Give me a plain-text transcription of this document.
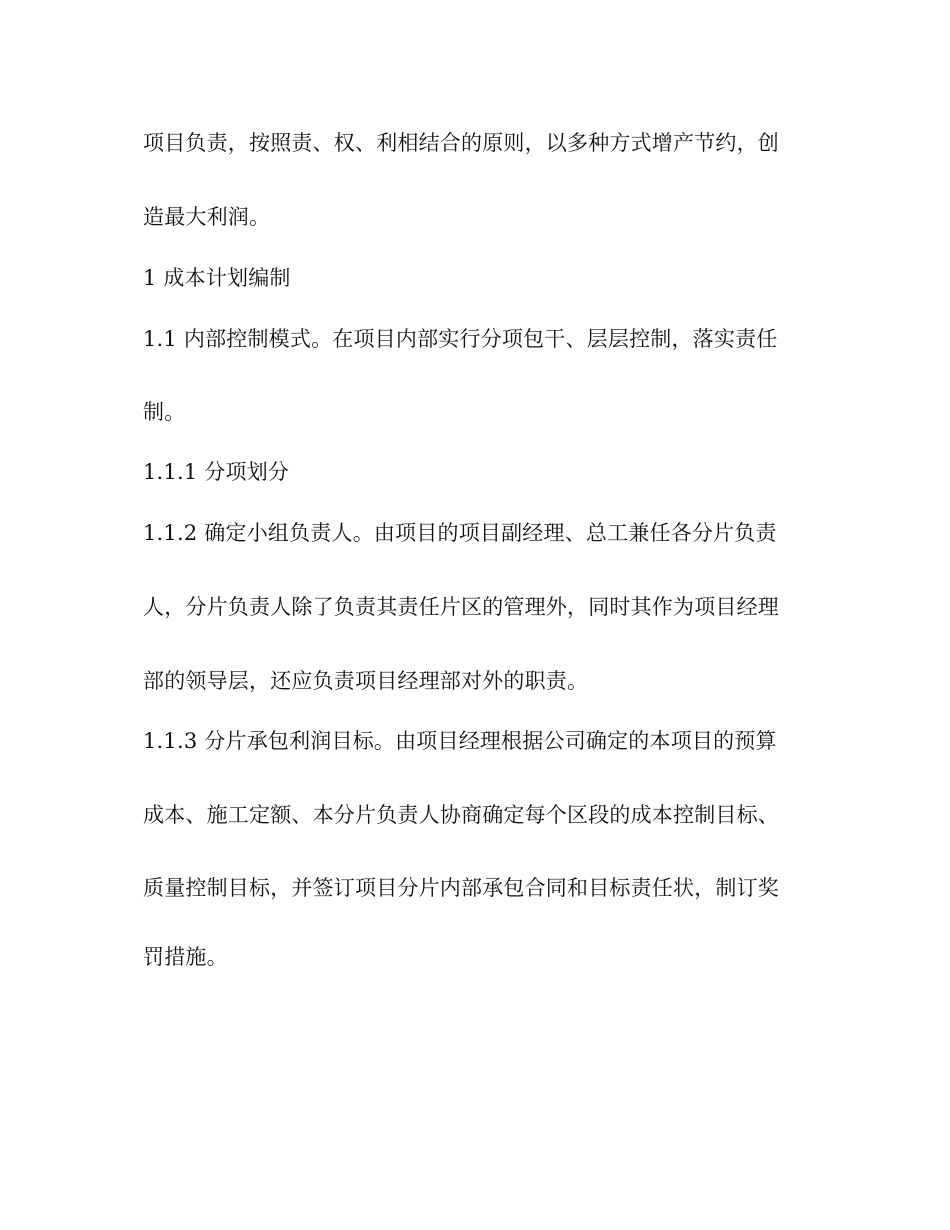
项目负责，按照责、权、利相结合的原则，以多种方式增产节约，创
造最大利润。
1 成本计划编制
1.1 内部控制模式。在项目内部实行分项包干、层层控制，落实责任
制。
1.1.1 分项划分
1.1.2 确定小组负责人。由项目的项目副经理、总工兼任各分片负责
人，分片负责人除了负责其责任片区的管理外，同时其作为项目经理
部的领导层，还应负责项目经理部对外的职责。
1.1.3 分片承包利润目标。由项目经理根据公司确定的本项目的预算
成本、施工定额、本分片负责人协商确定每个区段的成本控制目标、
质量控制目标，并签订项目分片内部承包合同和目标责任状，制订奖
罚措施。
